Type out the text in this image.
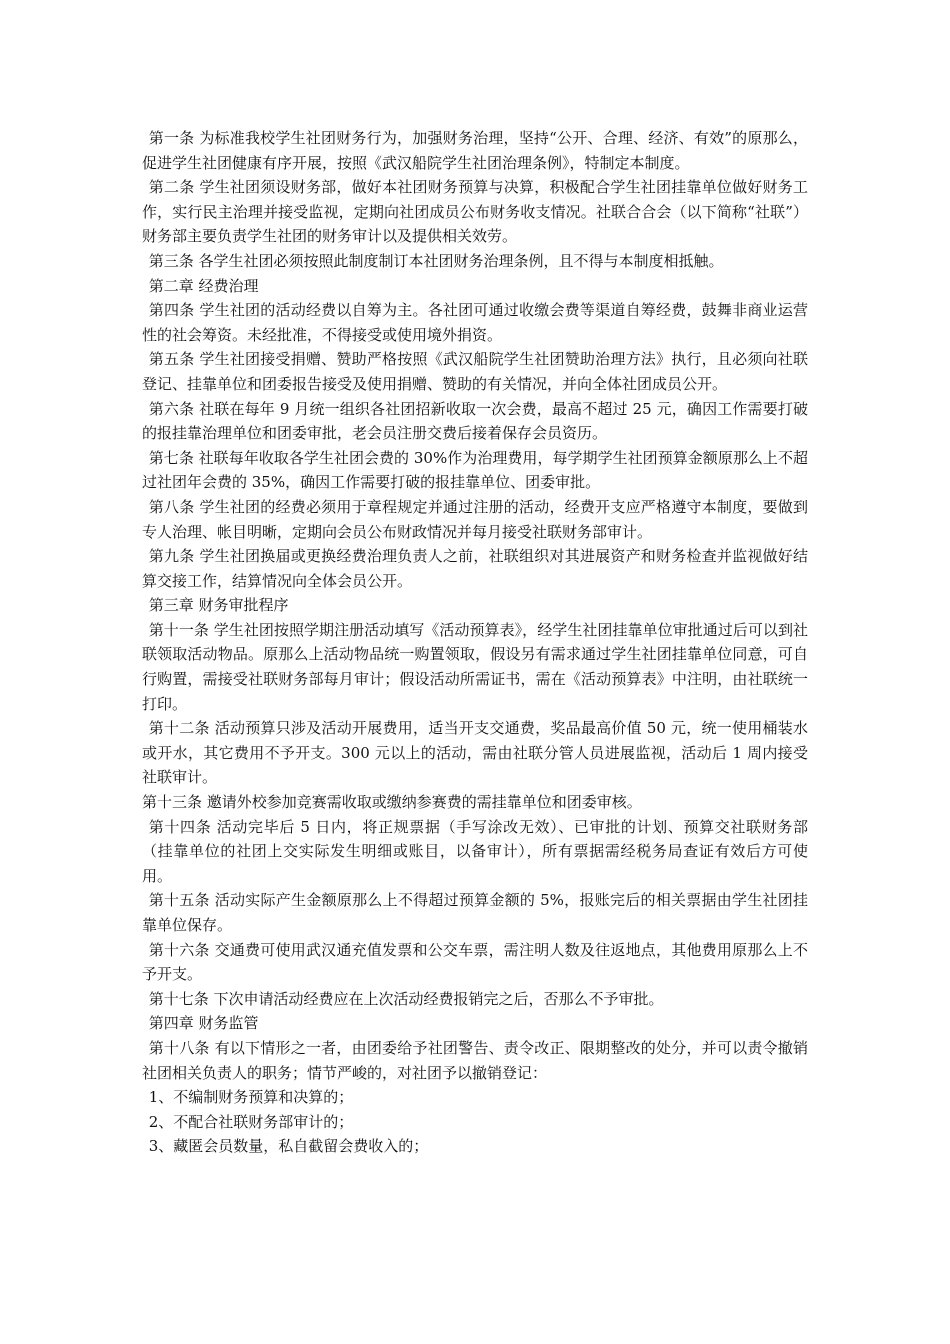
第一条 为标准我校学生社团财务行为，加强财务治理，坚持“公开、合理、经济、有效”的原那么，促进学生社团健康有序开展，按照《武汉船院学生社团治理条例》，特制定本制度。

第二条 学生社团须设财务部，做好本社团财务预算与决算，积极配合学生社团挂靠单位做好财务工作，实行民主治理并接受监视，定期向社团成员公布财务收支情况。社联合合会（以下简称“社联”）财务部主要负责学生社团的财务审计以及提供相关效劳。

第三条 各学生社团必须按照此制度制订本社团财务治理条例，且不得与本制度相抵触。

第二章 经费治理

第四条 学生社团的活动经费以自筹为主。各社团可通过收缴会费等渠道自筹经费，鼓舞非商业运营性的社会筹资。未经批准，不得接受或使用境外捐资。

第五条 学生社团接受捐赠、赞助严格按照《武汉船院学生社团赞助治理方法》执行，且必须向社联登记、挂靠单位和团委报告接受及使用捐赠、赞助的有关情况，并向全体社团成员公开。

第六条 社联在每年 9 月统一组织各社团招新收取一次会费，最高不超过 25 元，确因工作需要打破的报挂靠治理单位和团委审批，老会员注册交费后接着保存会员资历。

第七条 社联每年收取各学生社团会费的 30%作为治理费用，每学期学生社团预算金额原那么上不超过社团年会费的 35%，确因工作需要打破的报挂靠单位、团委审批。

第八条 学生社团的经费必须用于章程规定并通过注册的活动，经费开支应严格遵守本制度，要做到专人治理、帐目明晰，定期向会员公布财政情况并每月接受社联财务部审计。

第九条 学生社团换届或更换经费治理负责人之前，社联组织对其进展资产和财务检查并监视做好结算交接工作，结算情况向全体会员公开。

第三章 财务审批程序

第十一条 学生社团按照学期注册活动填写《活动预算表》，经学生社团挂靠单位审批通过后可以到社联领取活动物品。原那么上活动物品统一购置领取，假设另有需求通过学生社团挂靠单位同意，可自行购置，需接受社联财务部每月审计；假设活动所需证书，需在《活动预算表》中注明，由社联统一打印。

第十二条 活动预算只涉及活动开展费用，适当开支交通费，奖品最高价值 50 元，统一使用桶装水或开水，其它费用不予开支。300 元以上的活动，需由社联分管人员进展监视，活动后 1 周内接受社联审计。

第十三条 邀请外校参加竞赛需收取或缴纳参赛费的需挂靠单位和团委审核。

第十四条 活动完毕后 5 日内，将正规票据（手写涂改无效）、已审批的计划、预算交社联财务部（挂靠单位的社团上交实际发生明细或账目，以备审计），所有票据需经税务局查证有效后方可使用。

第十五条 活动实际产生金额原那么上不得超过预算金额的 5%，报账完后的相关票据由学生社团挂靠单位保存。

第十六条 交通费可使用武汉通充值发票和公交车票，需注明人数及往返地点，其他费用原那么上不予开支。

第十七条 下次申请活动经费应在上次活动经费报销完之后，否那么不予审批。

第四章 财务监管

第十八条 有以下情形之一者，由团委给予社团警告、责令改正、限期整改的处分，并可以责令撤销社团相关负责人的职务；情节严峻的，对社团予以撤销登记：

1、不编制财务预算和决算的；

2、不配合社联财务部审计的；

3、藏匿会员数量，私自截留会费收入的；
